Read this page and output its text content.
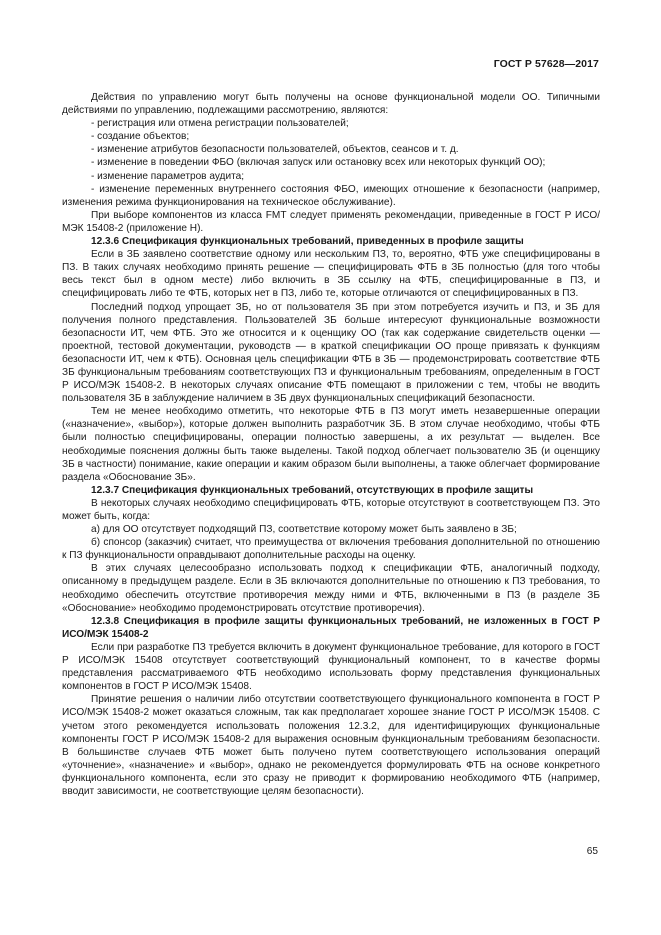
ГОСТ Р 57628—2017

Действия по управлению могут быть получены на основе функциональной модели ОО. Типичными действиями по управлению, подлежащими рассмотрению, являются:

- регистрация или отмена регистрации пользователей;

- создание объектов;

- изменение атрибутов безопасности пользователей, объектов, сеансов и т. д.

- изменение в поведении ФБО (включая запуск или остановку всех или некоторых функций ОО);

- изменение параметров аудита;

- изменение переменных внутреннего состояния ФБО, имеющих отношение к безопасности (например, изменения режима функционирования на техническое обслуживание).

При выборе компонентов из класса FMT следует применять рекомендации, приведенные в ГОСТ Р ИСО/МЭК 15408-2 (приложение Н).

12.3.6 Спецификация функциональных требований, приведенных в профиле защиты

Если в ЗБ заявлено соответствие одному или нескольким ПЗ, то, вероятно, ФТБ уже специфицированы в ПЗ. В таких случаях необходимо принять решение — специфицировать ФТБ в ЗБ полностью (для того чтобы весь текст был в одном месте) либо включить в ЗБ ссылку на ФТБ, специфицированные в ПЗ, и специфицировать либо те ФТБ, которых нет в ПЗ, либо те, которые отличаются от специфицированных в ПЗ.

Последний подход упрощает ЗБ, но от пользователя ЗБ при этом потребуется изучить и ПЗ, и ЗБ для получения полного представления. Пользователей ЗБ больше интересуют функциональные возможности безопасности ИТ, чем ФТБ. Это же относится и к оценщику ОО (так как содержание свидетельств оценки — проектной, тестовой документации, руководств — в краткой спецификации ОО проще привязать к функциям безопасности ИТ, чем к ФТБ). Основная цель спецификации ФТБ в ЗБ — продемонстрировать соответствие ФТБ ЗБ функциональным требованиям соответствующих ПЗ и функциональным требованиям, определенным в ГОСТ Р ИСО/МЭК 15408-2. В некоторых случаях описание ФТБ помещают в приложении с тем, чтобы не вводить пользователя ЗБ в заблуждение наличием в ЗБ двух функциональных спецификаций безопасности.

Тем не менее необходимо отметить, что некоторые ФТБ в ПЗ могут иметь незавершенные операции («назначение», «выбор»), которые должен выполнить разработчик ЗБ. В этом случае необходимо, чтобы ФТБ были полностью специфицированы, операции полностью завершены, а их результат — выделен. Все необходимые пояснения должны быть также выделены. Такой подход облегчает пользователю ЗБ (и оценщику ЗБ в частности) понимание, какие операции и каким образом были выполнены, а также облегчает формирование раздела «Обоснование ЗБ».

12.3.7 Спецификация функциональных требований, отсутствующих в профиле защиты

В некоторых случаях необходимо специфицировать ФТБ, которые отсутствуют в соответствующем ПЗ. Это может быть, когда:

а) для ОО отсутствует подходящий ПЗ, соответствие которому может быть заявлено в ЗБ;

б) спонсор (заказчик) считает, что преимущества от включения требования дополнительной по отношению к ПЗ функциональности оправдывают дополнительные расходы на оценку.

В этих случаях целесообразно использовать подход к спецификации ФТБ, аналогичный подходу, описанному в предыдущем разделе. Если в ЗБ включаются дополнительные по отношению к ПЗ требования, то необходимо обеспечить отсутствие противоречия между ними и ФТБ, включенными в ПЗ (в разделе ЗБ «Обоснование» необходимо продемонстрировать отсутствие противоречия).

12.3.8 Спецификация в профиле защиты функциональных требований, не изложенных в ГОСТ Р ИСО/МЭК 15408-2

Если при разработке ПЗ требуется включить в документ функциональное требование, для которого в ГОСТ Р ИСО/МЭК 15408 отсутствует соответствующий функциональный компонент, то в качестве формы представления рассматриваемого ФТБ необходимо использовать форму представления функциональных компонентов в ГОСТ Р ИСО/МЭК 15408.

Принятие решения о наличии либо отсутствии соответствующего функционального компонента в ГОСТ Р ИСО/МЭК 15408-2 может оказаться сложным, так как предполагает хорошее знание ГОСТ Р ИСО/МЭК 15408. С учетом этого рекомендуется использовать положения 12.3.2, для идентифицирующих функциональные компоненты ГОСТ Р ИСО/МЭК 15408-2 для выражения основным функциональным требованиям безопасности. В большинстве случаев ФТБ может быть получено путем соответствующего использования операций «уточнение», «назначение» и «выбор», однако не рекомендуется формулировать ФТБ на основе конкретного функционального компонента, если это сразу не приводит к формированию необходимого ФТБ (например, вводит зависимости, не соответствующие целям безопасности).

65
